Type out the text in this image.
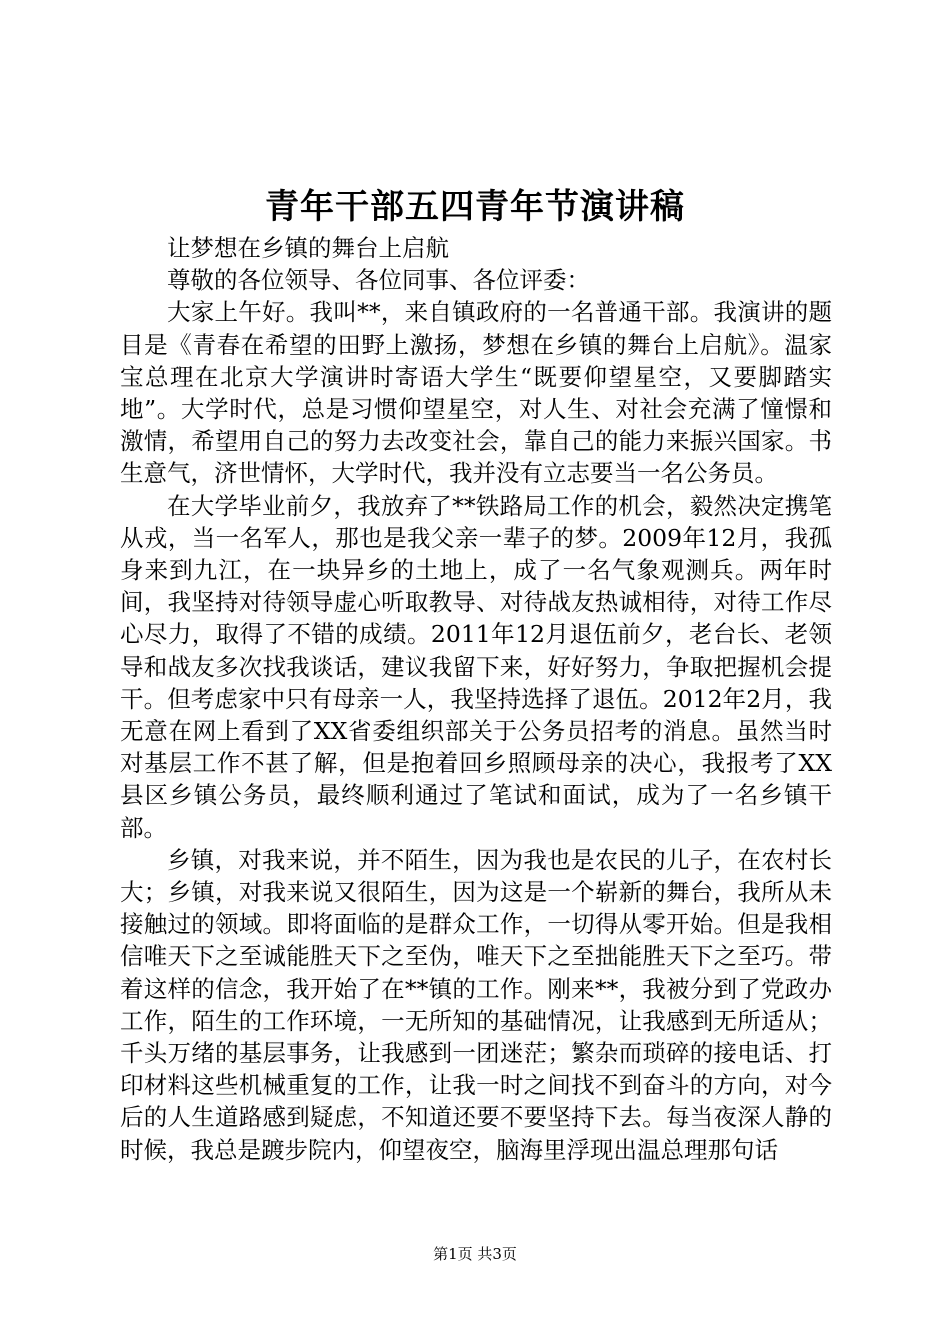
青年干部五四青年节演讲稿

让梦想在乡镇的舞台上启航

尊敬的各位领导、各位同事、各位评委：

大家上午好。我叫**，来自镇政府的一名普通干部。我演讲的题目是《青春在希望的田野上激扬，梦想在乡镇的舞台上启航》。温家宝总理在北京大学演讲时寄语大学生“既要仰望星空，又要脚踏实地”。大学时代，总是习惯仰望星空，对人生、对社会充满了憧憬和激情，希望用自己的努力去改变社会，靠自己的能力来振兴国家。书生意气，济世情怀，大学时代，我并没有立志要当一名公务员。

在大学毕业前夕，我放弃了**铁路局工作的机会，毅然决定携笔从戎，当一名军人，那也是我父亲一辈子的梦。2009年12月，我孤身来到九江，在一块异乡的土地上，成了一名气象观测兵。两年时间，我坚持对待领导虚心听取教导、对待战友热诚相待，对待工作尽心尽力，取得了不错的成绩。2011年12月退伍前夕，老台长、老领导和战友多次找我谈话，建议我留下来，好好努力，争取把握机会提干。但考虑家中只有母亲一人，我坚持选择了退伍。2012年2月，我无意在网上看到了XX省委组织部关于公务员招考的消息。虽然当时对基层工作不甚了解，但是抱着回乡照顾母亲的决心，我报考了XX县区乡镇公务员，最终顺利通过了笔试和面试，成为了一名乡镇干部。

乡镇，对我来说，并不陌生，因为我也是农民的儿子，在农村长大；乡镇，对我来说又很陌生，因为这是一个崭新的舞台，我所从未接触过的领域。即将面临的是群众工作，一切得从零开始。但是我相信唯天下之至诚能胜天下之至伪，唯天下之至拙能胜天下之至巧。带着这样的信念，我开始了在**镇的工作。刚来**，我被分到了党政办工作，陌生的工作环境，一无所知的基础情况，让我感到无所适从；千头万绪的基层事务，让我感到一团迷茫；繁杂而琐碎的接电话、打印材料这些机械重复的工作，让我一时之间找不到奋斗的方向，对今后的人生道路感到疑虑，不知道还要不要坚持下去。每当夜深人静的时候，我总是踱步院内，仰望夜空，脑海里浮现出温总理那句话

第1页 共3页
